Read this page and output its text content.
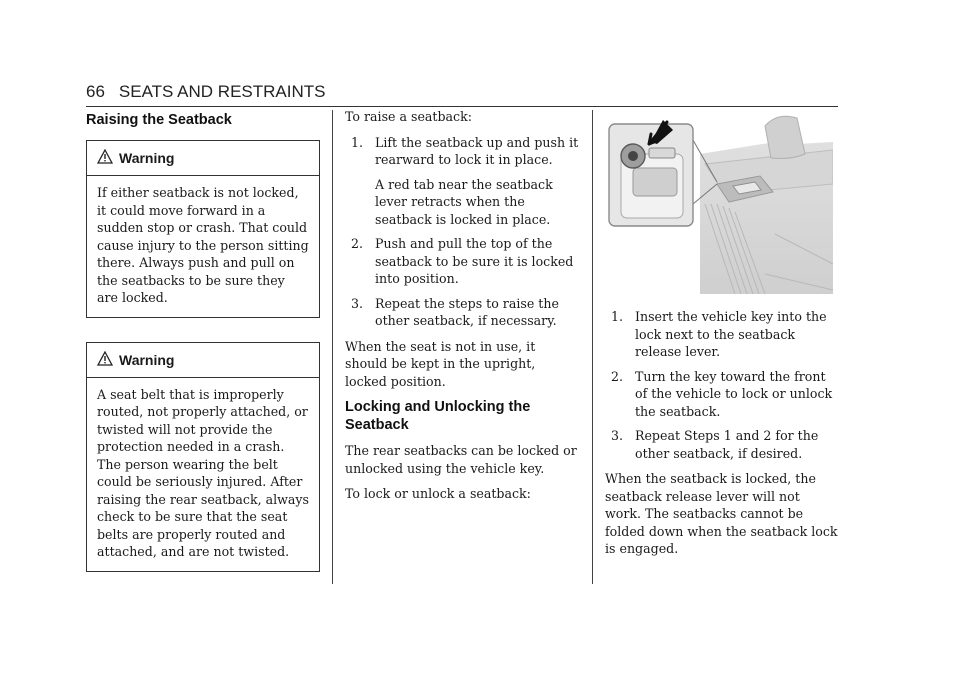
66 SEATS AND RESTRAINTS
Raising the Seatback
Warning
If either seatback is not locked, it could move forward in a sudden stop or crash. That could cause injury to the person sitting there. Always push and pull on the seatbacks to be sure they are locked.
Warning
A seat belt that is improperly routed, not properly attached, or twisted will not provide the protection needed in a crash. The person wearing the belt could be seriously injured. After raising the rear seatback, always check to be sure that the seat belts are properly routed and attached, and are not twisted.

To raise a seatback:

1. Lift the seatback up and push it rearward to lock it in place.
A red tab near the seatback lever retracts when the seatback is locked in place.
2. Push and pull the top of the seatback to be sure it is locked into position.
3. Repeat the steps to raise the other seatback, if necessary.

When the seat is not in use, it should be kept in the upright, locked position.

Locking and Unlocking the Seatback

The rear seatbacks can be locked or unlocked using the vehicle key.

To lock or unlock a seatback:

1. Insert the vehicle key into the lock next to the seatback release lever.
2. Turn the key toward the front of the vehicle to lock or unlock the seatback.
3. Repeat Steps 1 and 2 for the other seatback, if desired.

When the seatback is locked, the seatback release lever will not work. The seatbacks cannot be folded down when the seatback lock is engaged.
